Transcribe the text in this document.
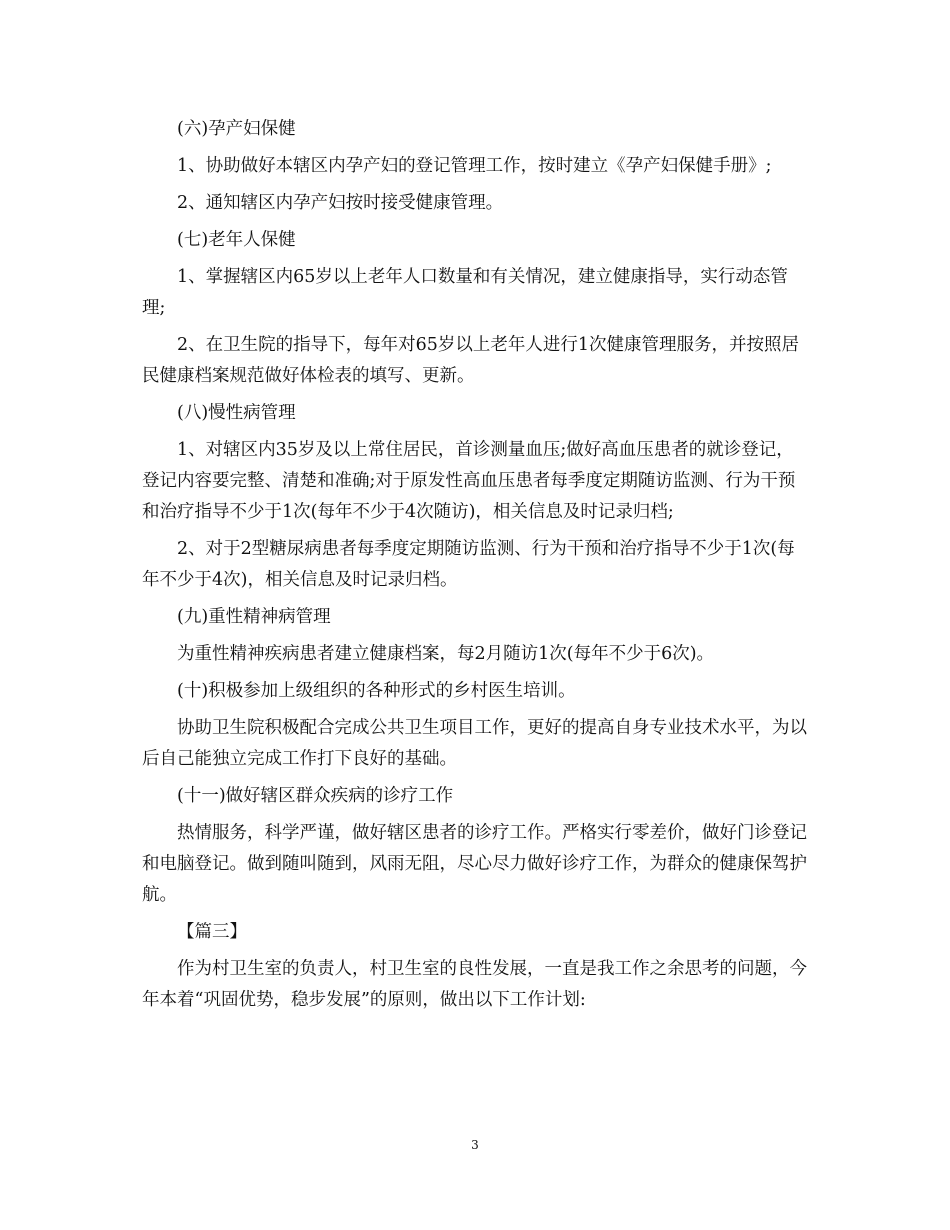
(六)孕产妇保健

1、协助做好本辖区内孕产妇的登记管理工作，按时建立《孕产妇保健手册》;

2、通知辖区内孕产妇按时接受健康管理。

(七)老年人保健

1、掌握辖区内65岁以上老年人口数量和有关情况，建立健康指导，实行动态管理;

2、在卫生院的指导下，每年对65岁以上老年人进行1次健康管理服务，并按照居民健康档案规范做好体检表的填写、更新。

(八)慢性病管理

1、对辖区内35岁及以上常住居民，首诊测量血压;做好高血压患者的就诊登记，登记内容要完整、清楚和准确;对于原发性高血压患者每季度定期随访监测、行为干预和治疗指导不少于1次(每年不少于4次随访)，相关信息及时记录归档;

2、对于2型糖尿病患者每季度定期随访监测、行为干预和治疗指导不少于1次(每年不少于4次)，相关信息及时记录归档。

(九)重性精神病管理

为重性精神疾病患者建立健康档案，每2月随访1次(每年不少于6次)。

(十)积极参加上级组织的各种形式的乡村医生培训。

协助卫生院积极配合完成公共卫生项目工作，更好的提高自身专业技术水平，为以后自己能独立完成工作打下良好的基础。

(十一)做好辖区群众疾病的诊疗工作

热情服务，科学严谨，做好辖区患者的诊疗工作。严格实行零差价，做好门诊登记和电脑登记。做到随叫随到，风雨无阻，尽心尽力做好诊疗工作，为群众的健康保驾护航。

【篇三】

作为村卫生室的负责人，村卫生室的良性发展，一直是我工作之余思考的问题，今年本着“巩固优势，稳步发展”的原则，做出以下工作计划:

3
